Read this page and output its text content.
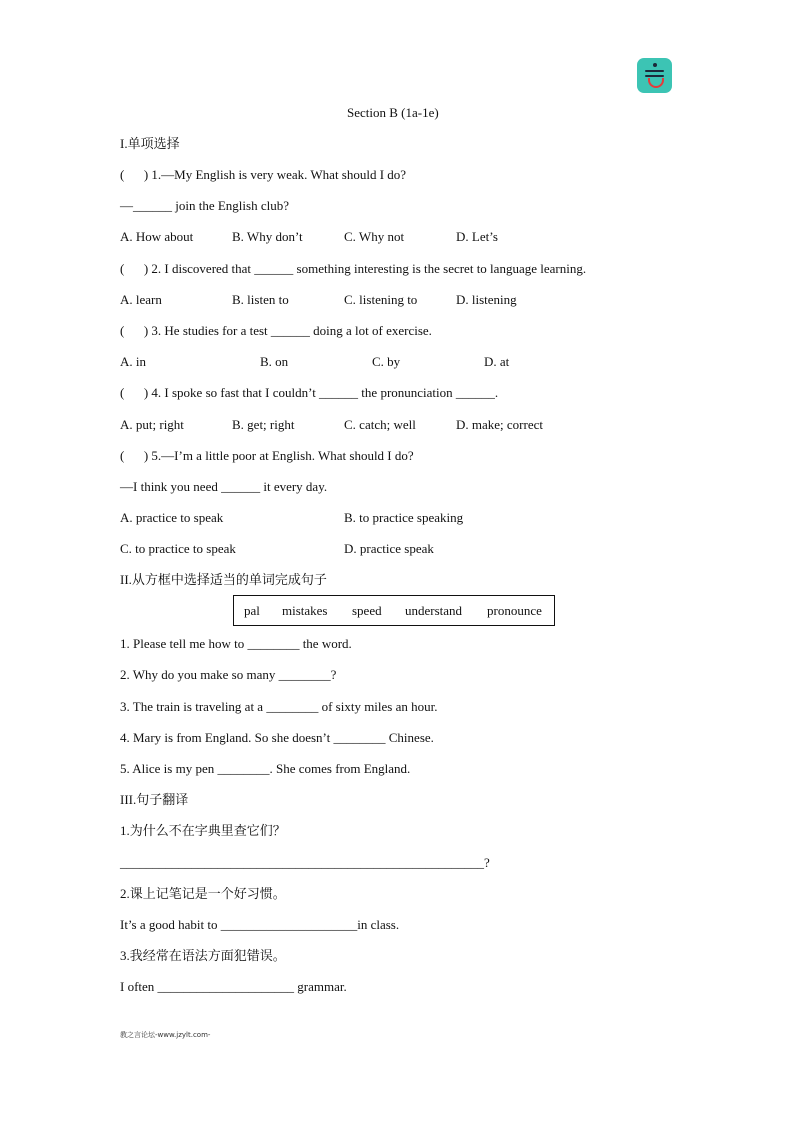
Section B (1a-1e)
I.单项选择
(      ) 1.—My English is very weak. What should I do?
—______ join the English club?
A. How about	B. Why don’t	C. Why not	D. Let’s
(      ) 2. I discovered that ______ something interesting is the secret to language learning.
A. learn	B. listen to	C. listening to	D. listening
(      ) 3. He studies for a test ______ doing a lot of exercise.
A. in	B. on	C. by	D. at
(      ) 4. I spoke so fast that I couldn’t ______ the pronunciation ______.
A. put; right	B. get; right	C. catch; well	D. make; correct
(      ) 5.—I’m a little poor at English. What should I do?
—I think you need ______ it every day.
A. practice to speak	B. to practice speaking
C. to practice to speak	D. practice speak
II.从方框中选择适当的单词完成句子
pal mistakes speed understand pronounce
1. Please tell me how to ________ the word.
2. Why do you make so many ________?
3. The train is traveling at a ________ of sixty miles an hour.
4. Mary is from England. So she doesn’t ________ Chinese.
5. Alice is my pen ________. She comes from England.
III.句子翻译
1.为什么不在字典里查它们？
________________________________________________________?
2.课上记笔记是一个好习惯。
It’s a good habit to _____________________in class.
3.我经常在语法方面犯错误。
I often _____________________ grammar.
教之言论坛-www.jzylt.com-
